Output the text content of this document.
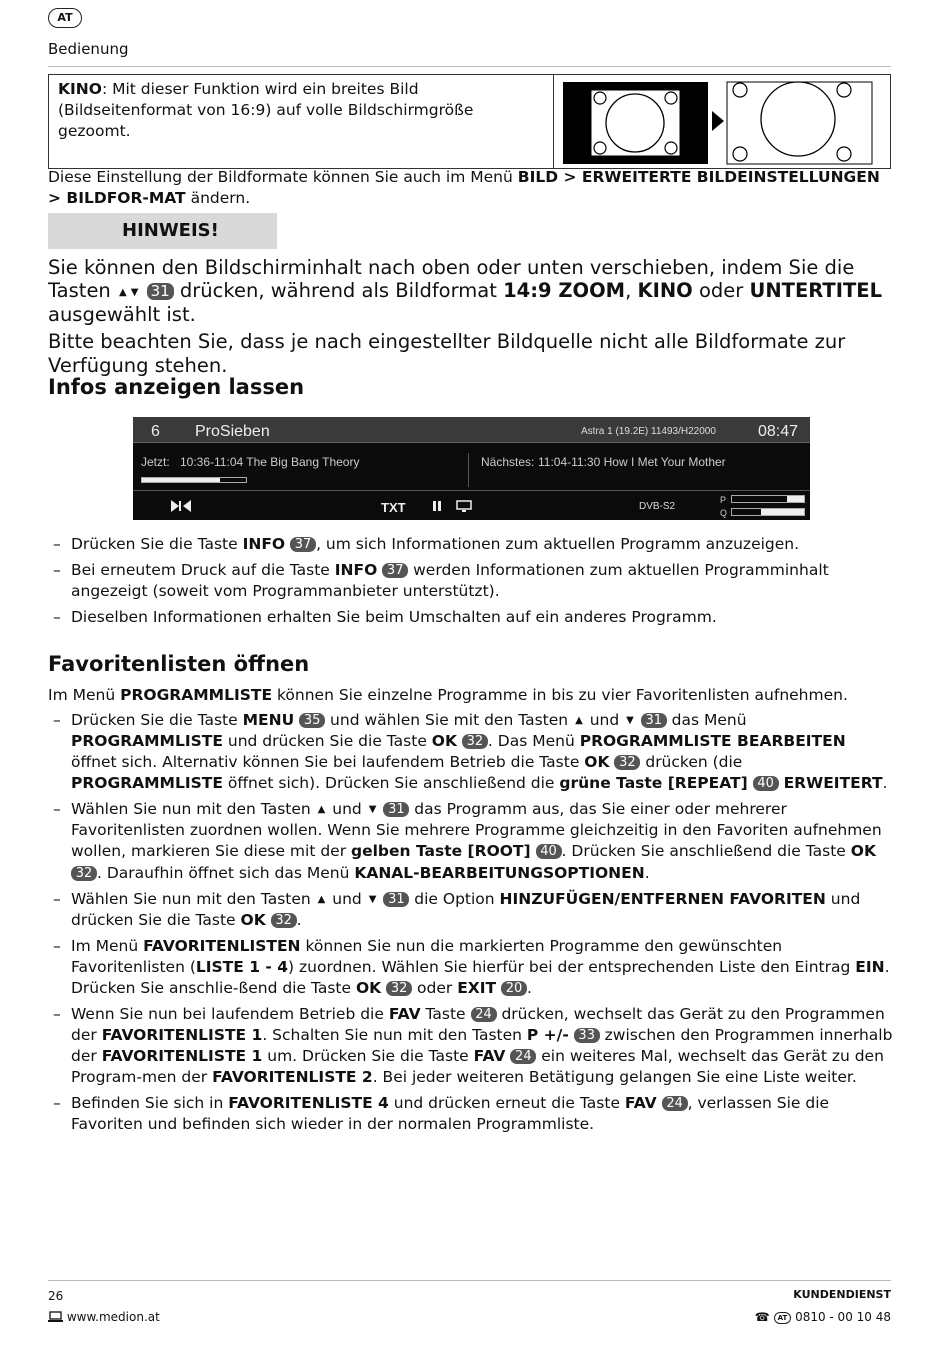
AT
Bedienung
KINO: Mit dieser Funktion wird ein breites Bild (Bildseitenformat von 16:9) auf volle Bildschirmgröße gezoomt.
Diese Einstellung der Bildformate können Sie auch im Menü BILD > ERWEITERTE BILDEINSTELLUNGEN > BILDFOR-MAT ändern.
HINWEIS!

Sie können den Bildschirminhalt nach oben oder unten verschieben, indem Sie die Tasten ▲ ▼ 31 drücken, während als Bildformat 14:9 ZOOM, KINO oder UNTERTITEL ausgewählt ist.

Bitte beachten Sie, dass je nach eingestellter Bildquelle nicht alle Bildformate zur Verfügung stehen.

Infos anzeigen lassen
6 ProSieben	Astra 1 (19.2E) 11493/H22000	08:47
Jetzt: 10:36-11:04 The Big Bang Theory	Nächstes: 11:04-11:30 How I Met Your Mother
TXT	DVB-S2
P
Q
– Drücken Sie die Taste INFO 37 , um sich Informationen zum aktuellen Programm anzuzeigen.
– Bei erneutem Druck auf die Taste INFO 37 werden Informationen zum aktuellen Programminhalt angezeigt (soweit vom Programmanbieter unterstützt).
– Dieselben Informationen erhalten Sie beim Umschalten auf ein anderes Programm.
Favoritenlisten öffnen
Im Menü PROGRAMMLISTE können Sie einzelne Programme in bis zu vier Favoritenlisten aufnehmen.
– Drücken Sie die Taste MENU 35 und wählen Sie mit den Tasten ▲ und ▼ 31 das Menü PROGRAMMLISTE und drücken Sie die Taste OK 32 . Das Menü PROGRAMMLISTE BEARBEITEN öffnet sich. Alternativ können Sie bei laufendem Betrieb die Taste OK 32 drücken (die PROGRAMMLISTE öffnet sich). Drücken Sie anschließend die grüne Taste [REPEAT] 40 ERWEITERT.
– Wählen Sie nun mit den Tasten ▲ und ▼ 31 das Programm aus, das Sie einer oder mehrerer Favoritenlisten zuordnen wollen. Wenn Sie mehrere Programme gleichzeitig in den Favoriten aufnehmen wollen, markieren Sie diese mit der gelben Taste [ROOT] 40 . Drücken Sie anschließend die Taste OK 32 . Daraufhin öffnet sich das Menü KANAL-BEARBEITUNGSOPTIONEN.
– Wählen Sie nun mit den Tasten ▲ und ▼ 31 die Option HINZUFÜGEN/ENTFERNEN FAVORITEN und drücken Sie die Taste OK 32 .
– Im Menü FAVORITENLISTEN können Sie nun die markierten Programme den gewünschten Favoritenlisten (LISTE 1 - 4) zuordnen. Wählen Sie hierfür bei der entsprechenden Liste den Eintrag EIN. Drücken Sie anschlie-ßend die Taste OK 32 oder EXIT 20 .
– Wenn Sie nun bei laufendem Betrieb die FAV Taste 24 drücken, wechselt das Gerät zu den Programmen der FAVORITENLISTE 1. Schalten Sie nun mit den Tasten P +/- 33 zwischen den Programmen innerhalb der FAVORITENLISTE 1 um. Drücken Sie die Taste FAV 24 ein weiteres Mal, wechselt das Gerät zu den Program-men der FAVORITENLISTE 2. Bei jeder weiteren Betätigung gelangen Sie eine Liste weiter.
– Befinden Sie sich in FAVORITENLISTE 4 und drücken erneut die Taste FAV 24 , verlassen Sie die Favoriten und befinden sich wieder in der normalen Programmliste.
26
www.medion.at
KUNDENDIENST
☎ AT 0810 - 00 10 48
